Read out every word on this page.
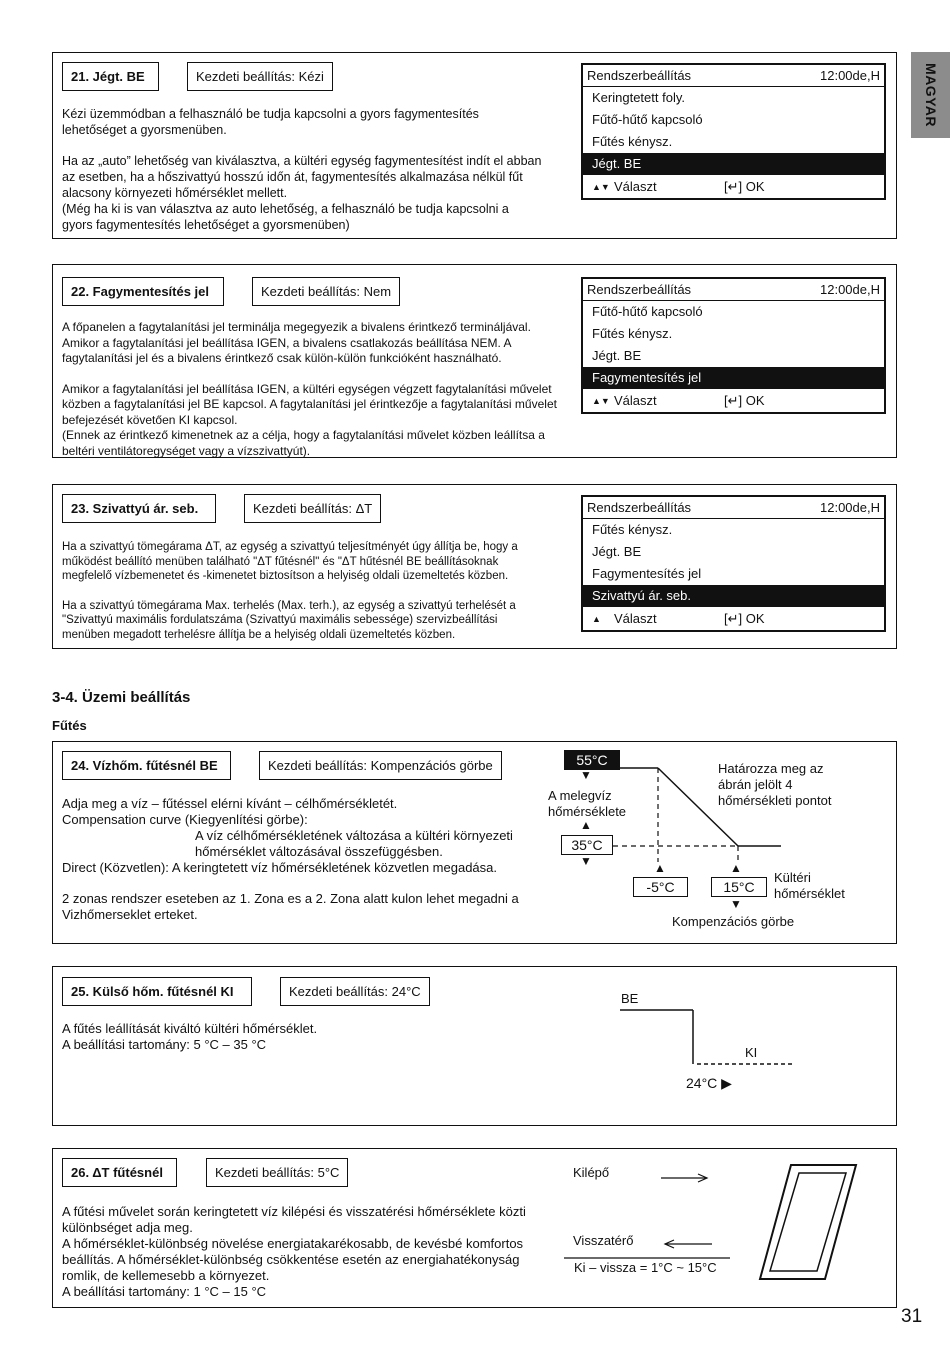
MAGYAR
21. Jégt. BE	Kezdeti beállítás: Kézi

Kézi üzemmódban a felhasználó be tudja kapcsolni a gyors fagymentesítés lehetőséget a gyorsmenüben.

Ha az „auto” lehetőség van kiválasztva, a kültéri egység fagymentesítést indít el abban az esetben, ha a hőszivattyú hosszú időn át, fagymentesítés alkalmazása nélkül fűt alacsony környezeti hőmérséklet mellett.

(Még ha ki is van választva az auto lehetőség, a felhasználó be tudja kapcsolni a gyors fagymentesítés lehetőséget a gyorsmenüben)

Rendszerbeállítás	12:00de,H
Keringtetett foly.
Fűtő-hűtő kapcsoló
Fűtés kénysz.
Jégt. BE
▲▼ Választ	[↵] OK
22. Fagymentesítés jel	Kezdeti beállítás: Nem

A főpanelen a fagytalanítási jel terminálja megegyezik a bivalens érintkező termináljával. Amikor a fagytalanítási jel beállítása IGEN, a bivalens csatlakozás beállítása NEM. A fagytalanítási jel és a bivalens érintkező csak külön-külön funkcióként használható.

Amikor a fagytalanítási jel beállítása IGEN, a kültéri egységen végzett fagytalanítási művelet közben a fagytalanítási jel BE kapcsol. A fagytalanítási jel érintkezője a fagytalanítási művelet befejezését követően KI kapcsol.

(Ennek az érintkező kimenetnek az a célja, hogy a fagytalanítási művelet közben leállítsa a beltéri ventilátoregységet vagy a vízszivattyút).

Rendszerbeállítás	12:00de,H
Fűtő-hűtő kapcsoló
Fűtés kénysz.
Jégt. BE
Fagymentesítés jel
▲▼ Választ	[↵] OK
23. Szivattyú ár. seb.	Kezdeti beállítás: ΔT

Ha a szivattyú tömegárama ΔT, az egység a szivattyú teljesítményét úgy állítja be, hogy a működést beállító menüben található "ΔT fűtésnél" és "ΔT hűtésnél BE beállításoknak megfelelő vízbemenetet és -kimenetet biztosítson a helyiség oldali üzemeltetés közben.

Ha a szivattyú tömegárama Max. terhelés (Max. terh.), az egység a szivattyú terhelését a "Szivattyú maximális fordulatszáma (Szivattyú maximális sebessége) szervizbeállítási menüben megadott terhelésre állítja be a helyiség oldali üzemeltetés közben.

Rendszerbeállítás	12:00de,H
Fűtés kénysz.
Jégt. BE
Fagymentesítés jel
Szivattyú ár. seb.
▲	Választ	[↵] OK
3-4. Üzemi beállítás
Fűtés
24. Vízhőm. fűtésnél BE	Kezdeti beállítás: Kompenzációs görbe

Adja meg a víz – fűtéssel elérni kívánt – célhőmérsékletét.

Compensation curve (Kiegyenlítési görbe):

A víz célhőmérsékletének változása a kültéri környezeti hőmérséklet változásával összefüggésben.

Direct (Közvetlen): A keringtetett víz hőmérsékletének közvetlen megadása.

2 zonas rendszer eseteben az 1. Zona es a 2. Zona alatt kulon lehet megadni a Vizhőmerseklet erteket.

55°C
▼
A melegvíz hőmérséklete
▲
35°C
▼
Határozza meg az ábrán jelölt 4 hőmérsékleti pontot
▲
-5°C
▲
15°C
▼
Kültéri hőmérséklet
Kompenzációs görbe
25. Külső hőm. fűtésnél KI	Kezdeti beállítás: 24°C

A fűtés leállítását kiváltó kültéri hőmérséklet.

A beállítási tartomány: 5 °C – 35 °C

BE
KI
24°C ▶
26. ΔT fűtésnél	Kezdeti beállítás: 5°C

A fűtési művelet során keringtetett víz kilépési és visszatérési hőmérséklete közti különbséget adja meg.

A hőmérséklet-különbség növelése energiatakarékosabb, de kevésbé komfortos beállítás. A hőmérséklet-különbség csökkentése esetén az energiahatékonyság romlik, de kellemesebb a környezet.

A beállítási tartomány: 1 °C – 15 °C

Kilépő
Visszatérő
Ki – vissza = 1°C ~ 15°C
31
